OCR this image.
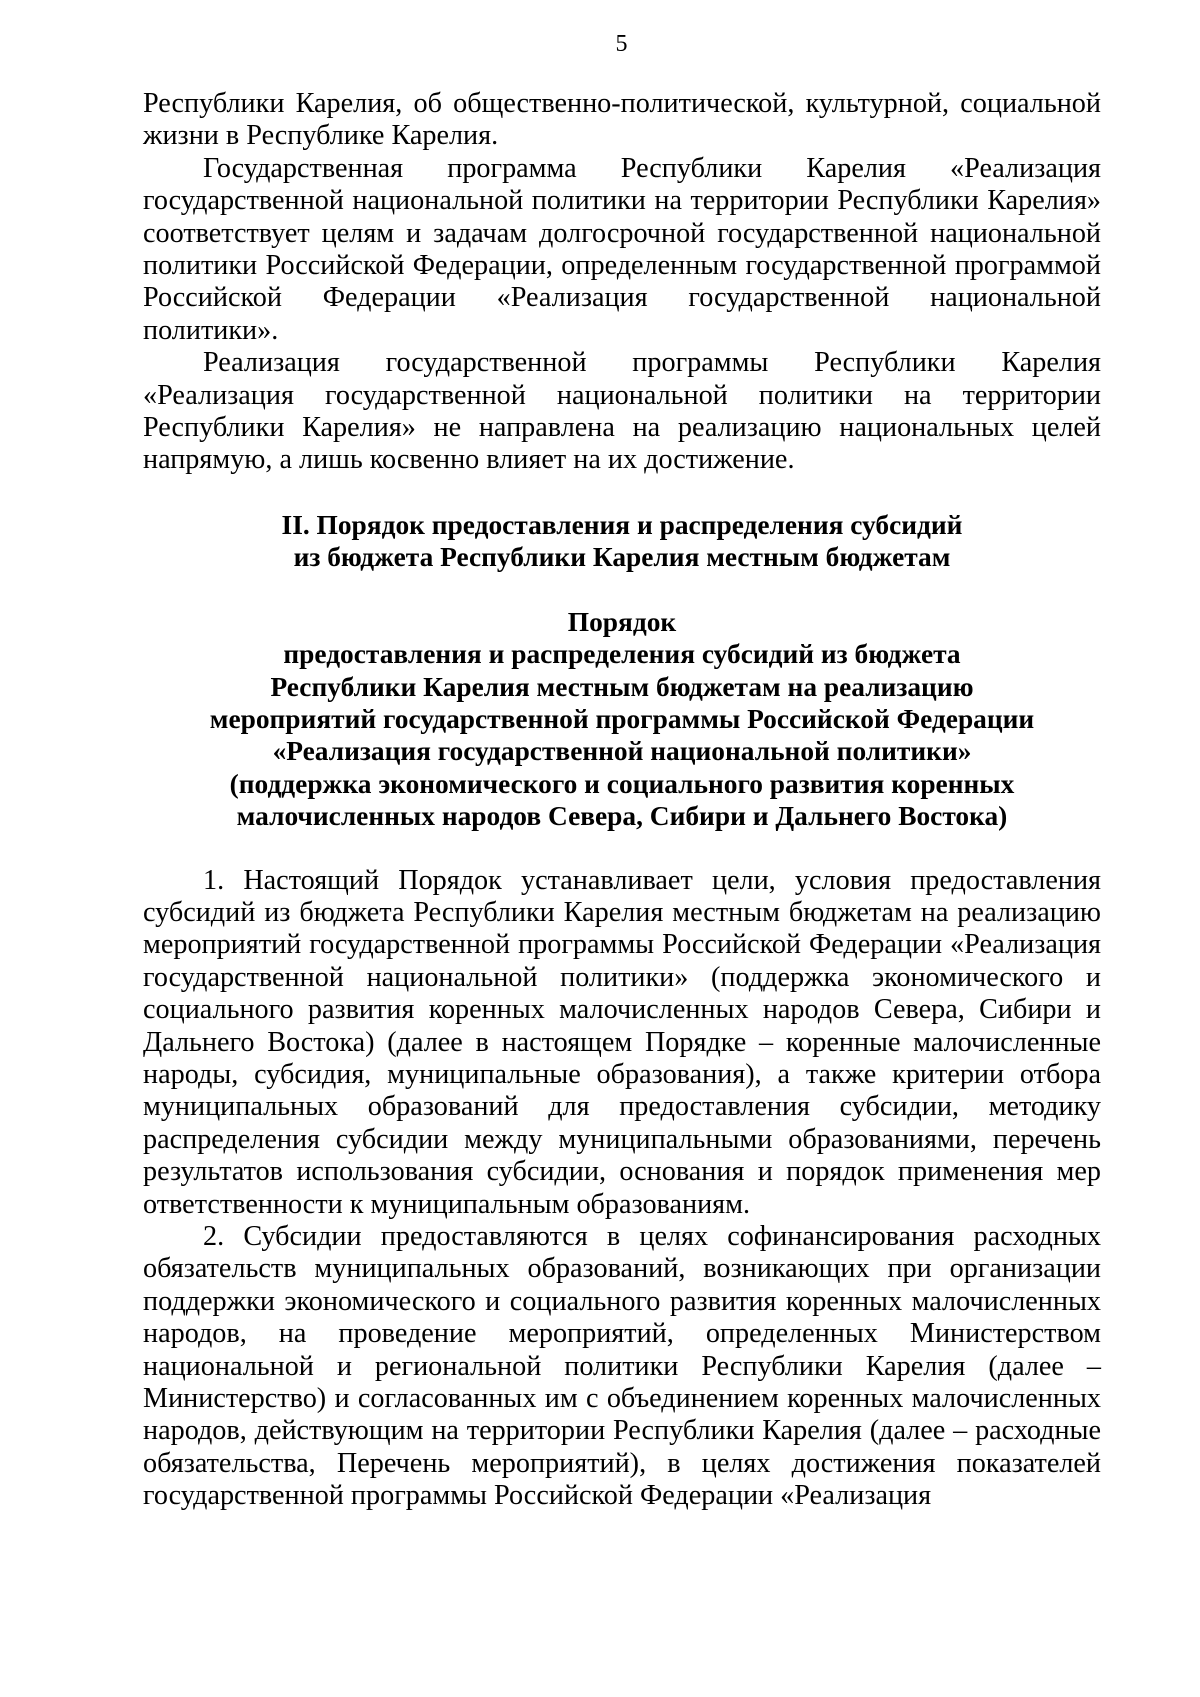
5

Республики Карелия, об общественно-политической, культурной, социальной жизни в Республике Карелия.

Государственная программа Республики Карелия «Реализация государственной национальной политики на территории Республики Карелия» соответствует целям и задачам долгосрочной государственной национальной политики Российской Федерации, определенным государственной программой Российской Федерации «Реализация государственной национальной политики».

Реализация государственной программы Республики Карелия «Реализация государственной национальной политики на территории Республики Карелия» не направлена на реализацию национальных целей напрямую, а лишь косвенно влияет на их достижение.

II. Порядок предоставления и распределения субсидий

из бюджета Республики Карелия местным бюджетам

Порядок

предоставления и распределения субсидий из бюджета

Республики Карелия местным бюджетам на реализацию

мероприятий государственной программы Российской Федерации

«Реализация государственной национальной политики»

(поддержка экономического и социального развития коренных

малочисленных народов Севера, Сибири и Дальнего Востока)

1. Настоящий Порядок устанавливает цели, условия предоставления субсидий из бюджета Республики Карелия местным бюджетам на реализацию мероприятий государственной программы Российской Федерации «Реализация государственной национальной политики» (поддержка экономического и социального развития коренных малочисленных народов Севера, Сибири и Дальнего Востока) (далее в настоящем Порядке – коренные малочисленные народы, субсидия, муниципальные образования), а также критерии отбора муниципальных образований для предоставления субсидии, методику распределения субсидии между муниципальными образованиями, перечень результатов использования субсидии, основания и порядок применения мер ответственности к муниципальным образованиям.

2. Субсидии предоставляются в целях софинансирования расходных обязательств муниципальных образований, возникающих при организации поддержки экономического и социального развития коренных малочисленных народов, на проведение мероприятий, определенных Министерством национальной и региональной политики Республики Карелия (далее – Министерство) и согласованных им с объединением коренных малочисленных народов, действующим на территории Республики Карелия (далее – расходные обязательства, Перечень мероприятий), в целях достижения показателей государственной программы Российской Федерации «Реализация
